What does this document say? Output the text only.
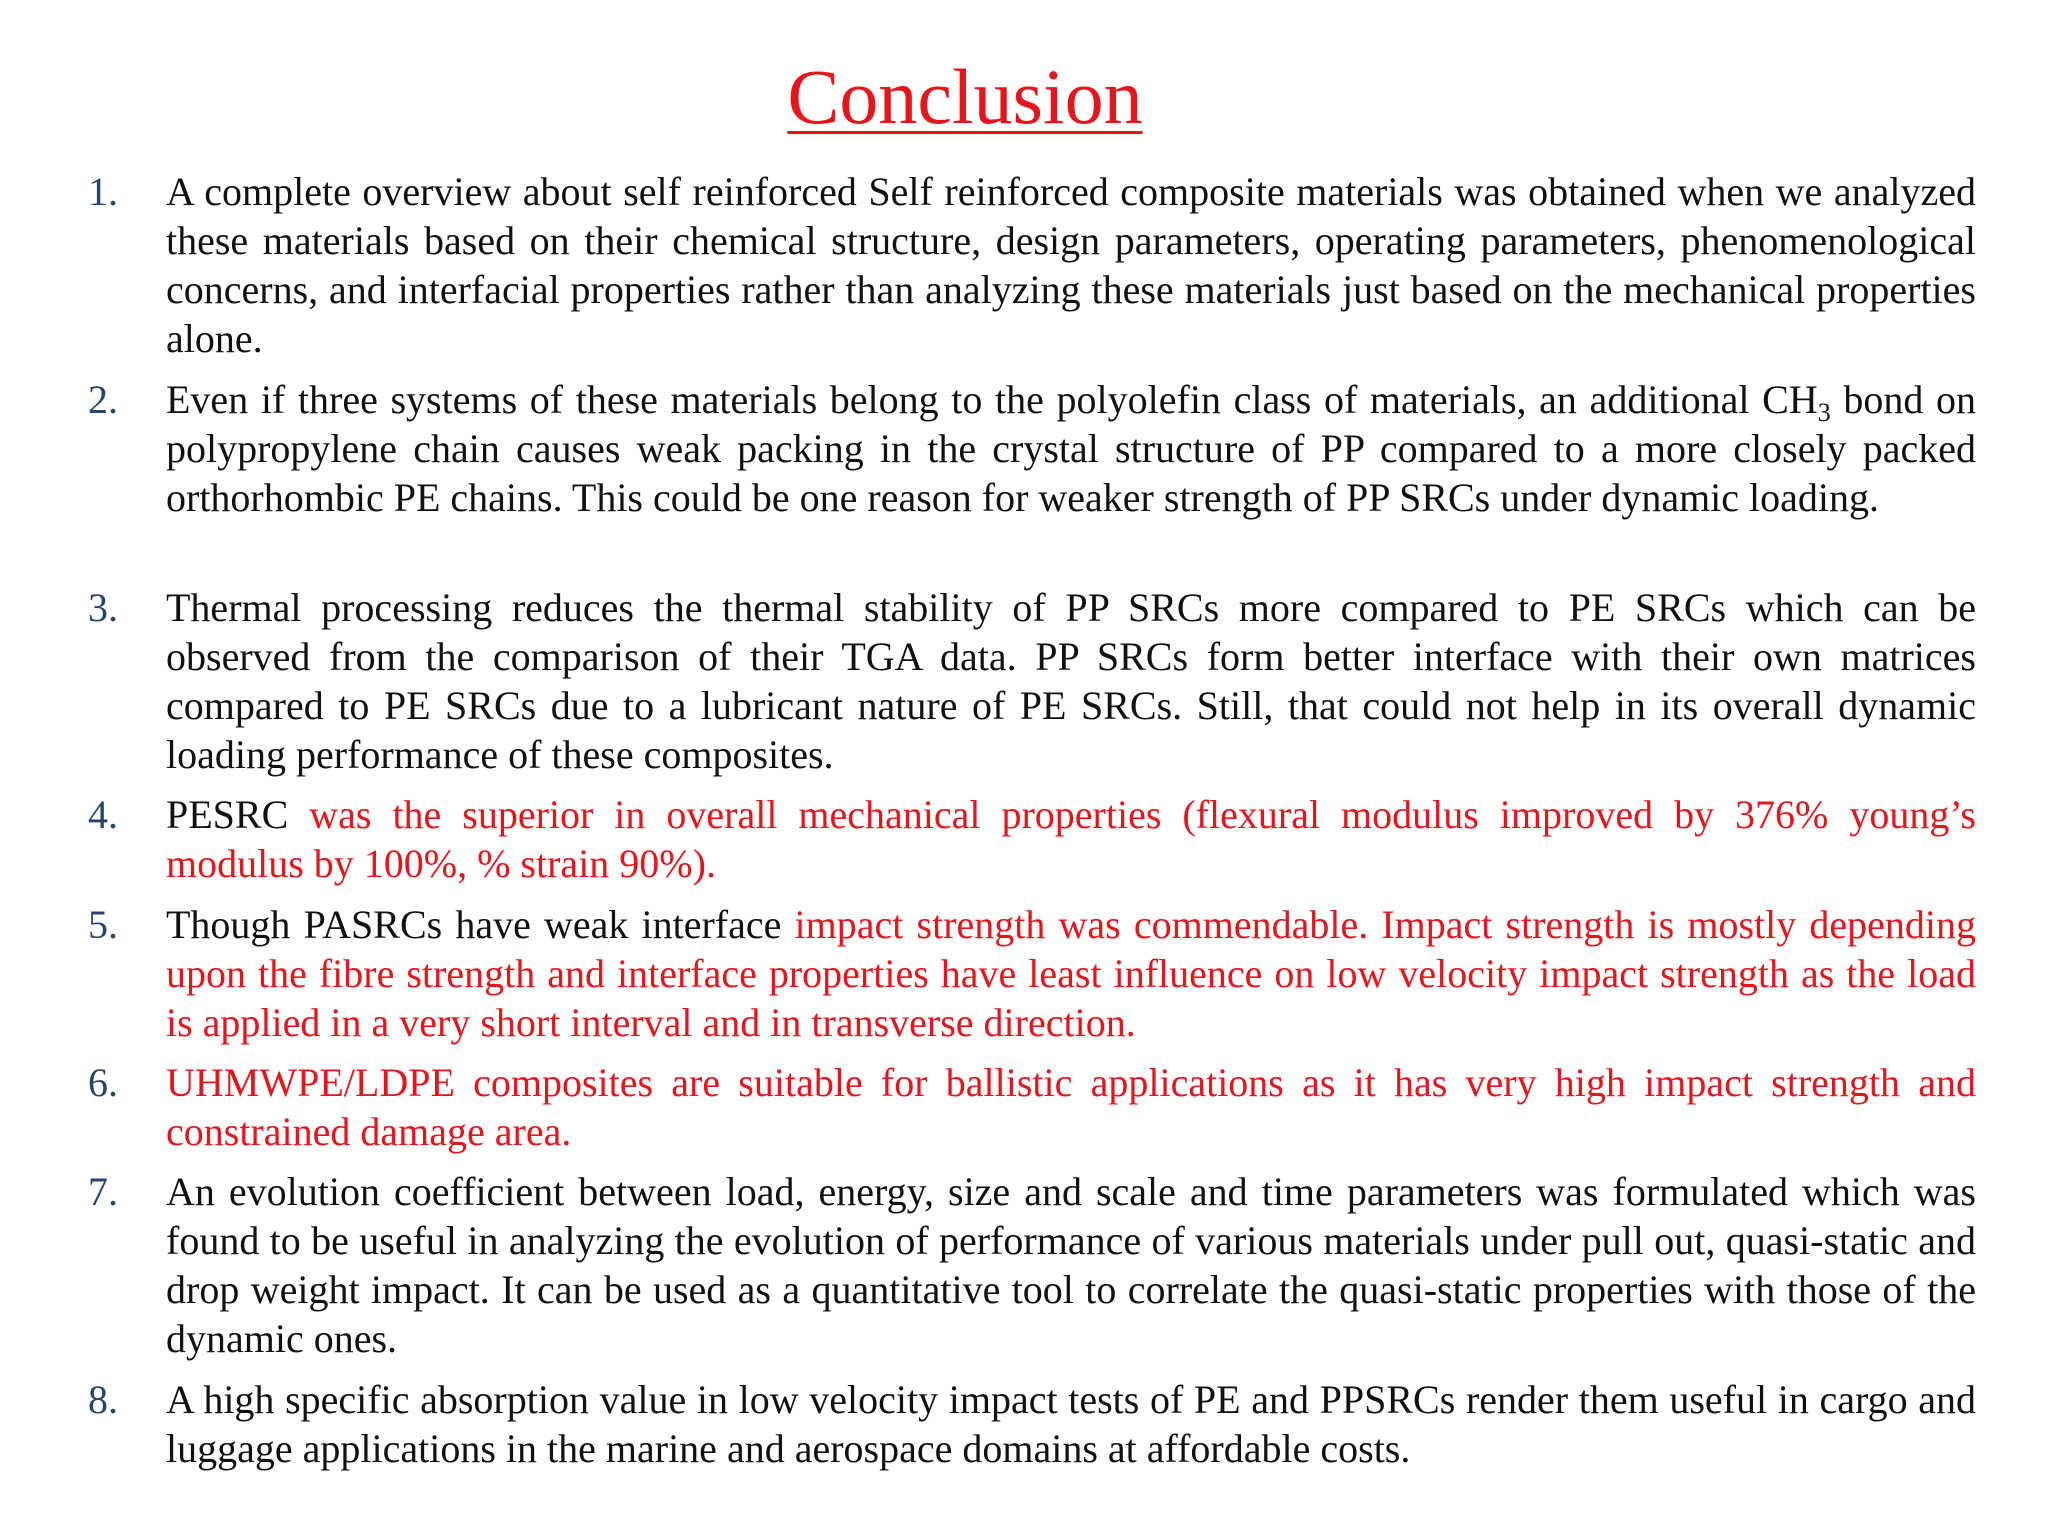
Conclusion
1.	A complete overview about self reinforced Self reinforced composite materials was obtained when we analyzed these materials based on their chemical structure, design parameters, operating parameters, phenomenological concerns, and interfacial properties rather than analyzing these materials just based on the mechanical properties alone.
2.	Even if three systems of these materials belong to the polyolefin class of materials, an additional $CH_3$ bond on polypropylene chain causes weak packing in the crystal structure of PP compared to a more closely packed orthorhombic PE chains. This could be one reason for weaker strength of PP SRCs under dynamic loading.
3.	Thermal processing reduces the thermal stability of PP SRCs more compared to PE SRCs which can be observed from the comparison of their TGA data. PP SRCs form better interface with their own matrices compared to PE SRCs due to a lubricant nature of PE SRCs. Still, that could not help in its overall dynamic loading performance of these composites.
4.	PESRC was the superior in overall mechanical properties (flexural modulus improved by 376% young’s modulus by 100%, % strain 90%).
5.	Though PASRCs have weak interface impact strength was commendable. Impact strength is mostly depending upon the fibre strength and interface properties have least influence on low velocity impact strength as the load is applied in a very short interval and in transverse direction.
6.	UHMWPE/LDPE composites are suitable for ballistic applications as it has very high impact strength and constrained damage area.
7.	An evolution coefficient between load, energy, size and scale and time parameters was formulated which was found to be useful in analyzing the evolution of performance of various materials under pull out, quasi-static and drop weight impact. It can be used as a quantitative tool to correlate the quasi-static properties with those of the dynamic ones.
8.	A high specific absorption value in low velocity impact tests of PE and PPSRCs render them useful in cargo and luggage applications in the marine and aerospace domains at affordable costs.
